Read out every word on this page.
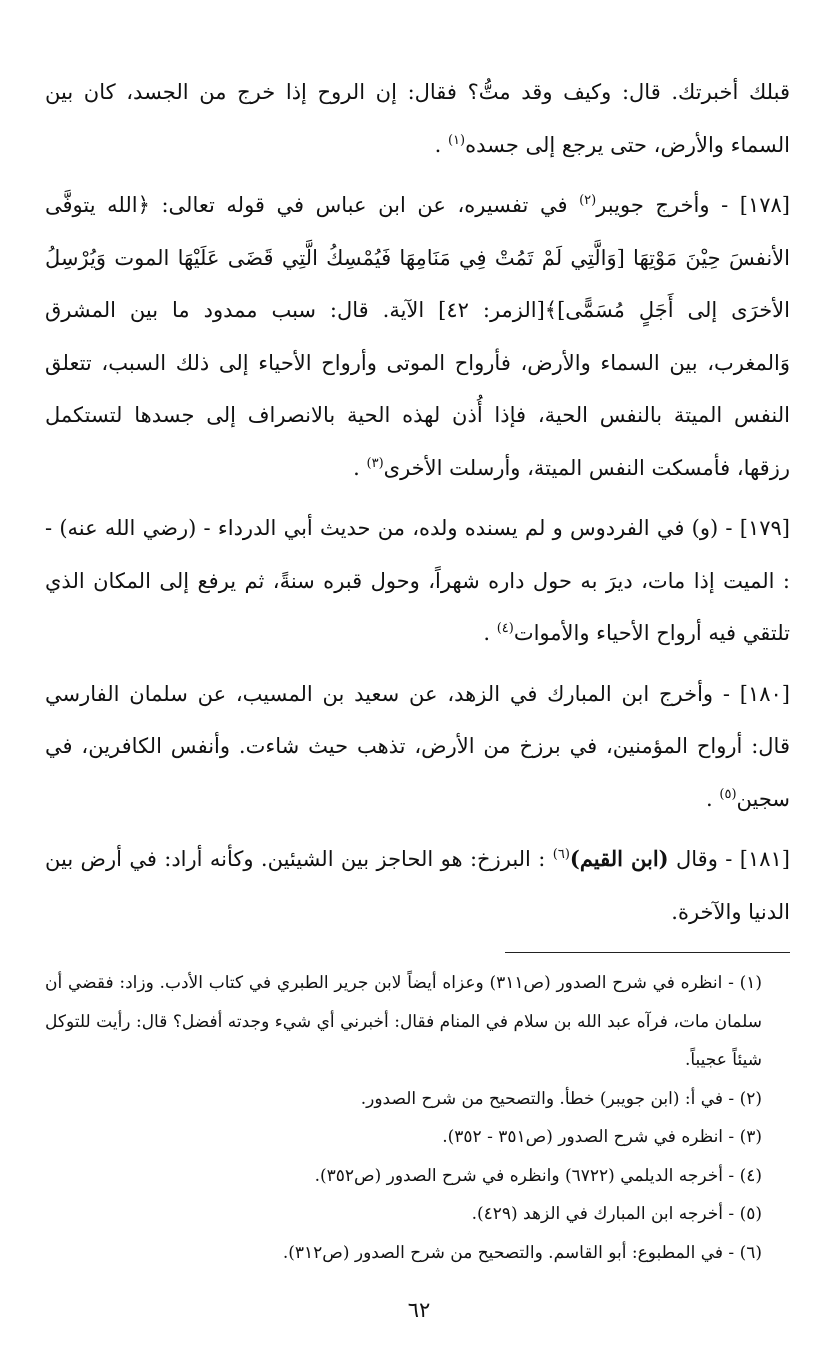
قبلك أخبرتك. قال: وكيف وقد متُّ؟ فقال: إن الروح إذا خرج من الجسد، كان بين السماء والأرض، حتى يرجع إلى جسده$^{(١)}$ .

[١٧٨] - وأخرج جويبر$^{(٢)}$ في تفسيره، عن ابن عباس في قوله تعالى: ﴿الله يتوفَّى الأنفسَ حِيْنَ مَوْتِهَا [وَالَّتِي لَمْ تَمُتْ فِي مَنَامِهَا فَيُمْسِكُ الَّتِي قَضَى عَلَيْهَا الموت وَيُرْسِلُ الأخرَى إلى أَجَلٍ مُسَمًّى]﴾[الزمر: ٤٢] الآية. قال: سبب ممدود ما بين المشرق وَالمغرب، بين السماء والأرض، فأرواح الموتى وأرواح الأحياء إلى ذلك السبب، تتعلق النفس الميتة بالنفس الحية، فإذا أُذن لهذه الحية بالانصراف إلى جسدها لتستكمل رزقها، فأمسكت النفس الميتة، وأرسلت الأخرى$^{(٣)}$ .

[١٧٩] - (و) في الفردوس و لم يسنده ولده، من حديث أبي الدرداء - (رضي الله عنه) - : الميت إذا مات، ديرَ به حول داره شهراً، وحول قبره سنةً، ثم يرفع إلى المكان الذي تلتقي فيه أرواح الأحياء والأموات$^{(٤)}$ .

[١٨٠] - وأخرج ابن المبارك في الزهد، عن سعيد بن المسيب، عن سلمان الفارسي قال: أرواح المؤمنين، في برزخ من الأرض، تذهب حيث شاءت. وأنفس الكافرين، في سجين$^{(٥)}$ .

[١٨١] - وقال (ابن القيم)$^{(٦)}$ : البرزخ: هو الحاجز بين الشيئين. وكأنه أراد: في أرض بين الدنيا والآخرة.

(١) - انظره في شرح الصدور (ص٣١١) وعزاه أيضاً لابن جرير الطبري في كتاب الأدب. وزاد: فقضي أن سلمان مات، فرآه عبد الله بن سلام في المنام فقال: أخبرني أي شيء وجدته أفضل؟ قال: رأيت للتوكل شيئاً عجيباً.

(٢) - في أ: (ابن جويبر) خطأ. والتصحيح من شرح الصدور.

(٣) - انظره في شرح الصدور (ص٣٥١ - ٣٥٢).

(٤) - أخرجه الديلمي (٦٧٢٢) وانظره في شرح الصدور (ص٣٥٢).

(٥) - أخرجه ابن المبارك في الزهد (٤٢٩).

(٦) - في المطبوع: أبو القاسم. والتصحيح من شرح الصدور (ص٣١٢).

٦٢
